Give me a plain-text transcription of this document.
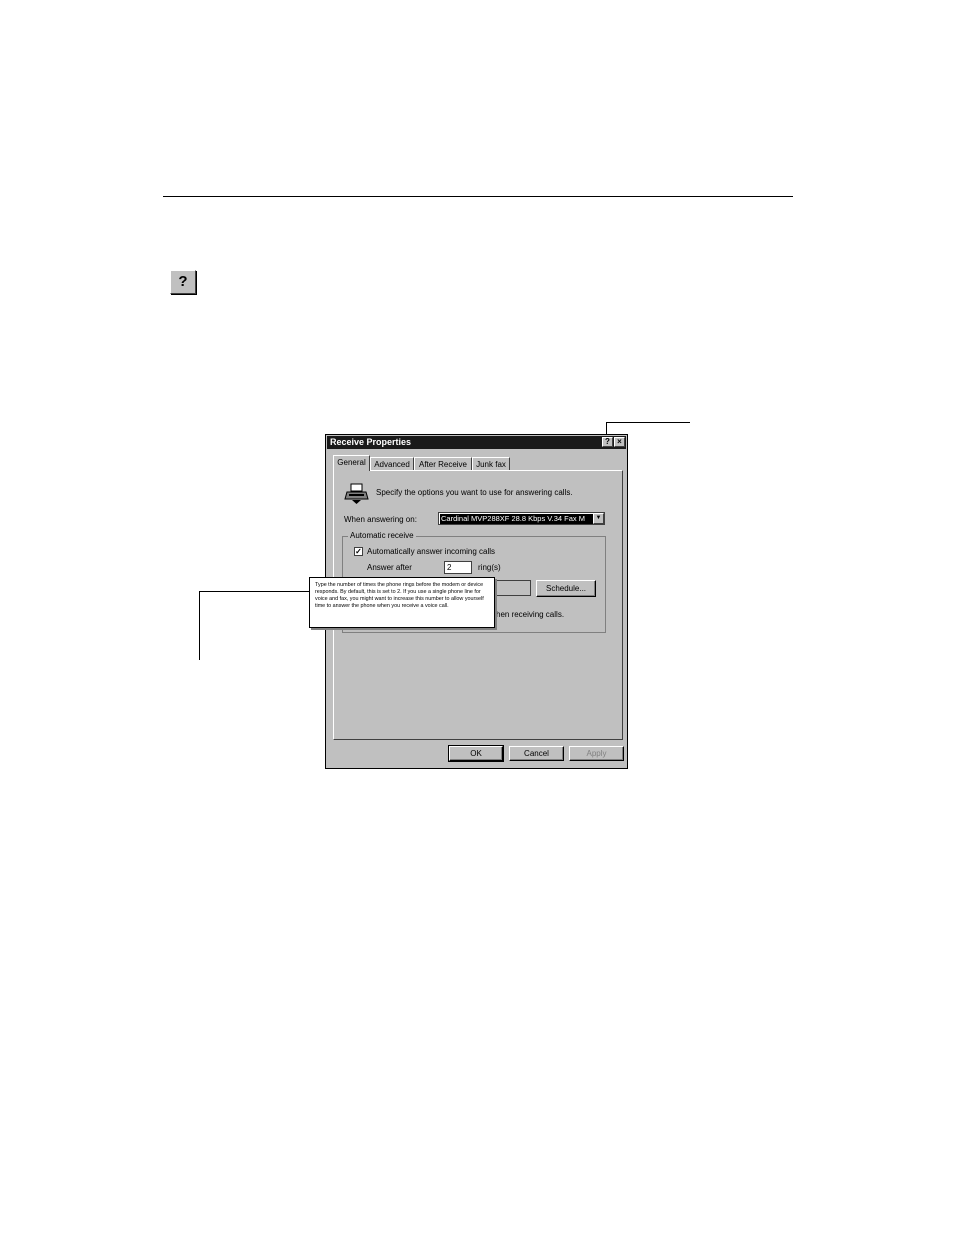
?
Receive Properties	? ×
General	Advanced	After Receive	Junk fax
Specify the options you want to use for answering calls.
When answering on:	Cardinal MVP288XF 28.8 Kbps V.34 Fax M	▼
Automatic receive
✓ Automatically answer incoming calls
Answer after	2	ring(s)
Schedule...
hen receiving calls.
OK	Cancel	Apply
Type the number of times the phone rings before the modem or device responds. By default, this is set to 2. If you use a single phone line for voice and fax, you might want to increase this number to allow yourself time to answer the phone when you receive a voice call.
